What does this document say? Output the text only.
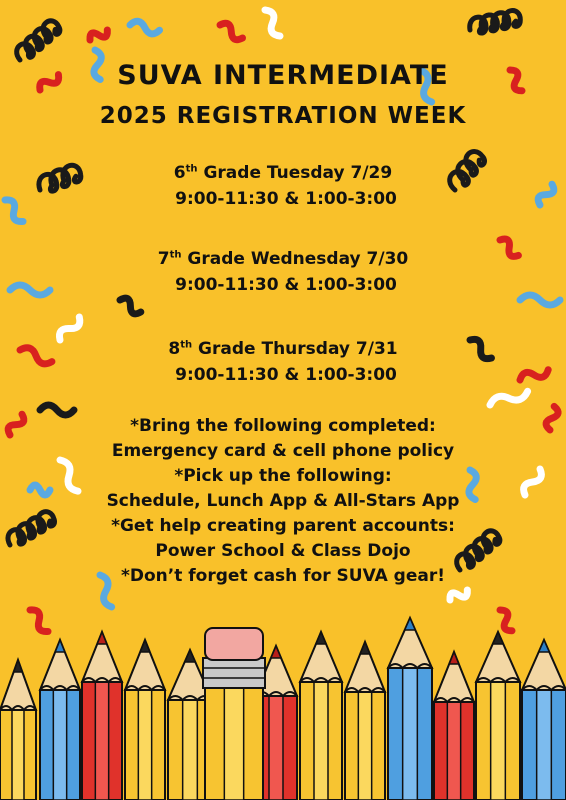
SUVA INTERMEDIATE
2025 REGISTRATION WEEK
6th Grade Tuesday 7/29
9:00-11:30 & 1:00-3:00
7th Grade Wednesday 7/30
9:00-11:30 & 1:00-3:00
8th Grade Thursday 7/31
9:00-11:30 & 1:00-3:00
*Bring the following completed:
Emergency card & cell phone policy
*Pick up the following:
Schedule, Lunch App & All-Stars App
*Get help creating parent accounts:
Power School & Class Dojo
*Don’t forget cash for SUVA gear!
